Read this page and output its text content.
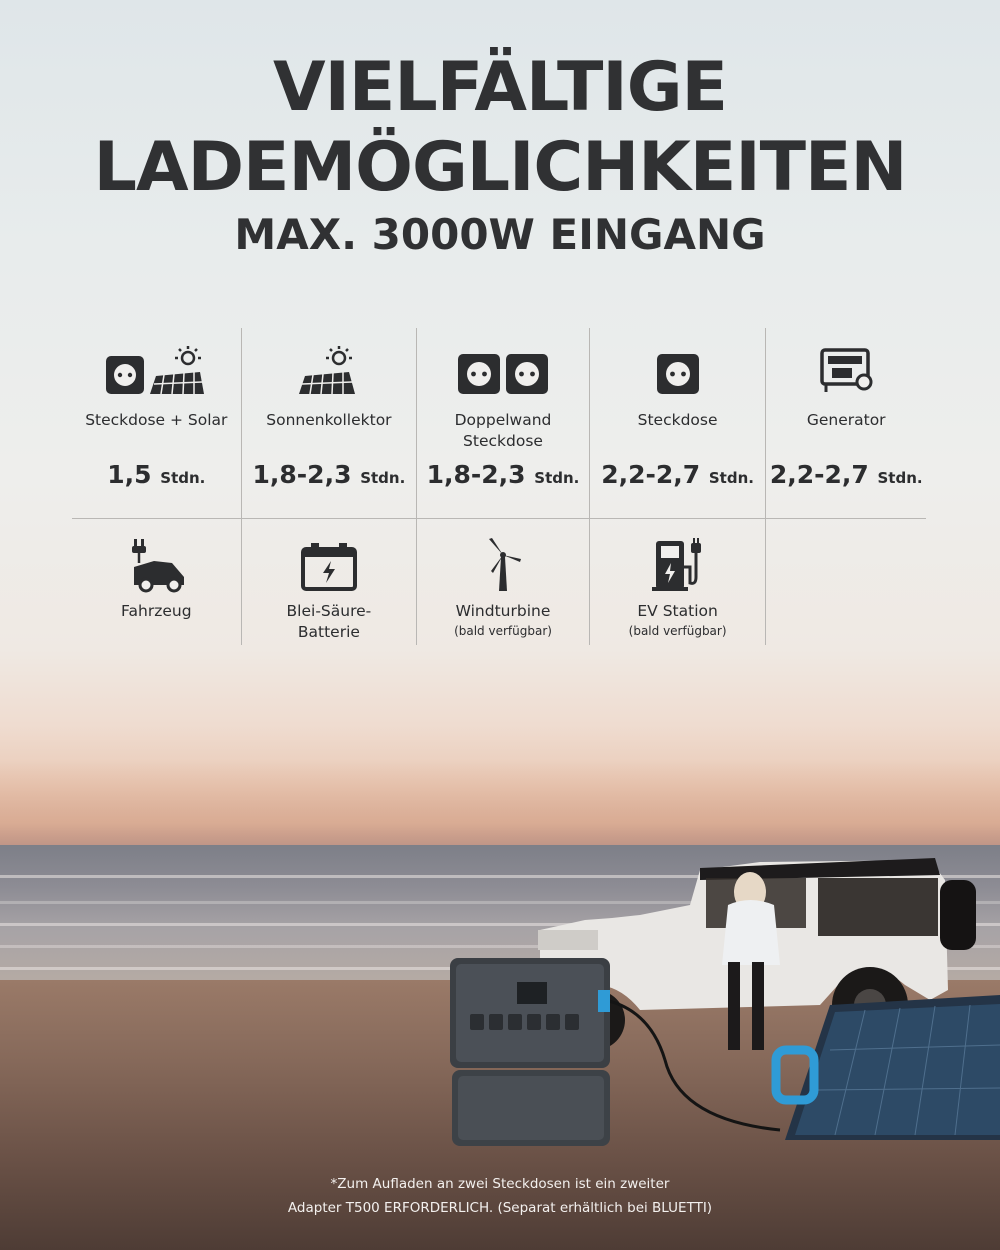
VIELFÄLTIGE
LADEMÖGLICHKEITEN
MAX. 3000W EINGANG
Steckdose + Solar
1,5 Stdn.
Sonnenkollektor
1,8-2,3 Stdn.
Doppelwand
Steckdose
1,8-2,3 Stdn.
Steckdose
2,2-2,7 Stdn.
Generator
2,2-2,7 Stdn.
Fahrzeug	Blei-Säure-
Batterie
Windturbine
(bald verfügbar)
EV Station
(bald verfügbar)
*Zum Aufladen an zwei Steckdosen ist ein zweiter
Adapter T500 ERFORDERLICH. (Separat erhältlich bei BLUETTI)
